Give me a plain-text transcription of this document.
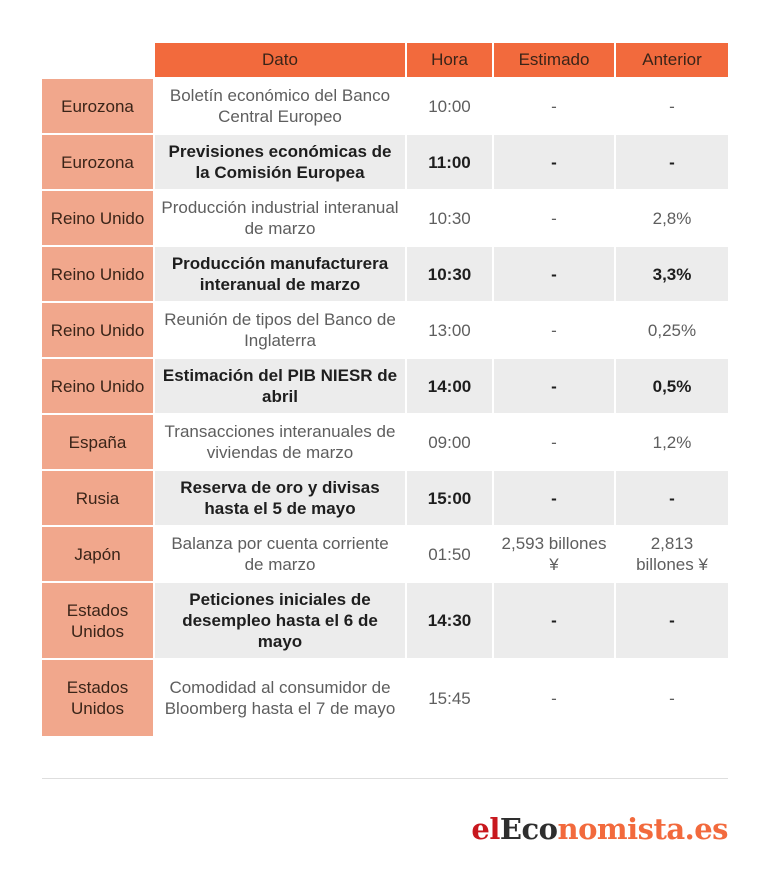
	Dato	Hora	Estimado	Anterior
Eurozona	Boletín económico del Banco Central Europeo	10:00	-	-
Eurozona	Previsiones económicas de la Comisión Europea	11:00	-	-
Reino Unido	Producción industrial interanual de marzo	10:30	-	2,8%
Reino Unido	Producción manufacturera interanual de marzo	10:30	-	3,3%
Reino Unido	Reunión de tipos del Banco de Inglaterra	13:00	-	0,25%
Reino Unido	Estimación del PIB NIESR de abril	14:00	-	0,5%
España	Transacciones interanuales de viviendas de marzo	09:00	-	1,2%
Rusia	Reserva de oro y divisas hasta el 5 de mayo	15:00	-	-
Japón	Balanza por cuenta corriente de marzo	01:50	2,593 billones ¥	2,813 billones ¥
Estados Unidos	Peticiones iniciales de desempleo hasta el 6 de mayo	14:30	-	-
Estados Unidos	Comodidad al consumidor de Bloomberg hasta el 7 de mayo	15:45	-	-
elEconomista.es
